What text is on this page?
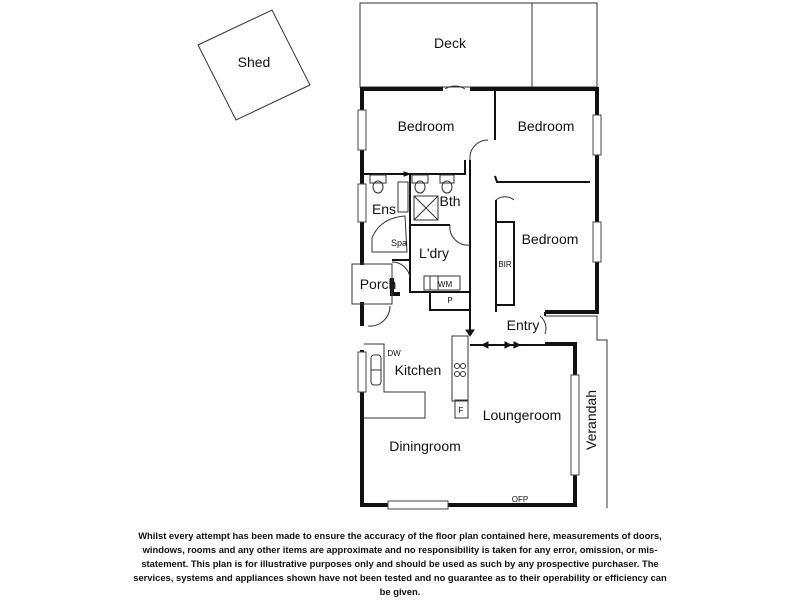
Shed
Deck
Verandah
Porch
Bedroom	Bedroom
Bedroom
Ens	Bth
Spa
L'dry
BIR
WM
P
Entry
DW
Kitchen
F Loungeroom
Diningroom
OFP
Whilst every attempt has been made to ensure the accuracy of the floor plan contained here, measurements of doors, windows, rooms and any other items are approximate and no responsibility is taken for any error, omission, or mis-statement. This plan is for illustrative purposes only and should be used as such by any prospective purchaser. The services, systems and appliances shown have not been tested and no guarantee as to their operability or efficiency can be given.
